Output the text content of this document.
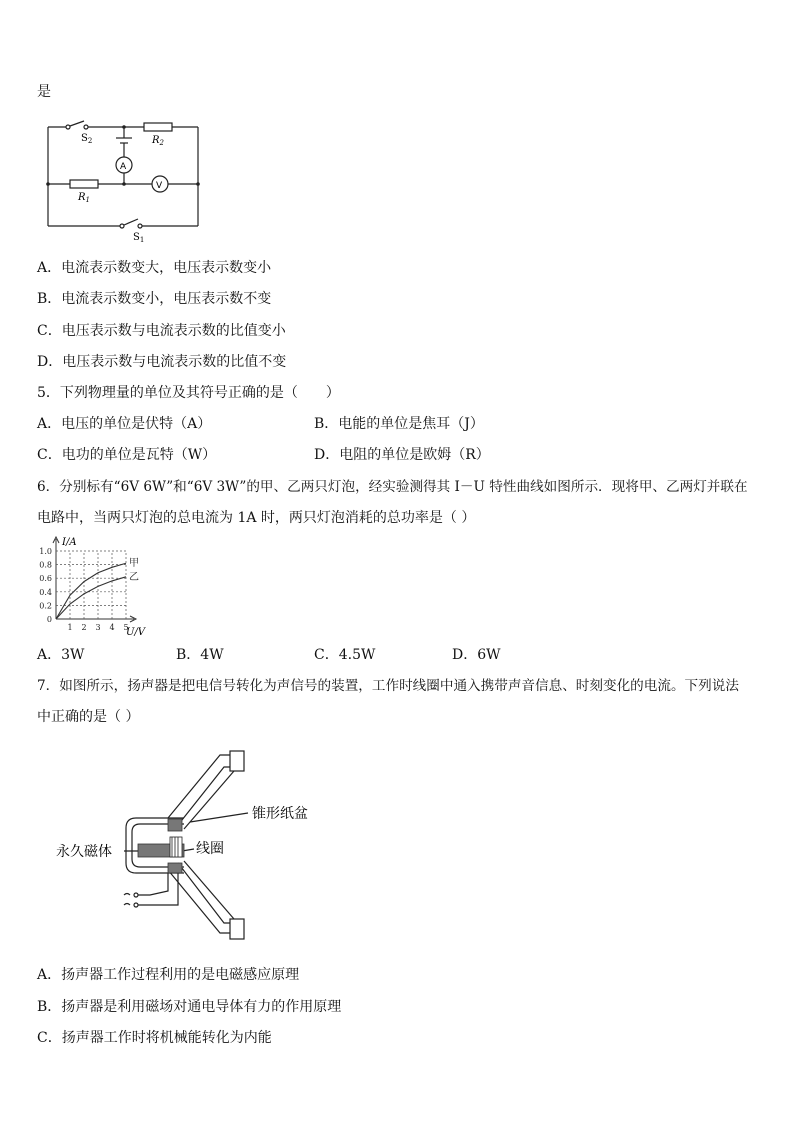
是
$S_2$	$R_2$
A
V
$R_1$
$S_1$
A．电流表示数变大，电压表示数变小
B．电流表示数变小，电压表示数不变
C．电压表示数与电流表示数的比值变小
D．电压表示数与电流表示数的比值不变
5．下列物理量的单位及其符号正确的是（　　）
A．电压的单位是伏特（A）	B．电能的单位是焦耳（J）
C．电功的单位是瓦特（W）	D．电阻的单位是欧姆（R）
6．分别标有“6V 6W”和“6V 3W”的甲、乙两只灯泡，经实验测得其 I－U 特性曲线如图所示．现将甲、乙两灯并联在
电路中，当两只灯泡的总电流为 1A 时，两只灯泡消耗的总功率是（ ）
1.0
0.8
0.6
0.4
0.2
0
1 2 3 4 5
甲
乙
I/A
U/V
A．3W	B．4W	C．4.5W	D．6W
7．如图所示，扬声器是把电信号转化为声信号的装置，工作时线圈中通入携带声音信息、时刻变化的电流。下列说法
中正确的是（ ）
锥形纸盆
永久磁体	线圈
A．扬声器工作过程利用的是电磁感应原理
B．扬声器是利用磁场对通电导体有力的作用原理
C．扬声器工作时将机械能转化为内能
